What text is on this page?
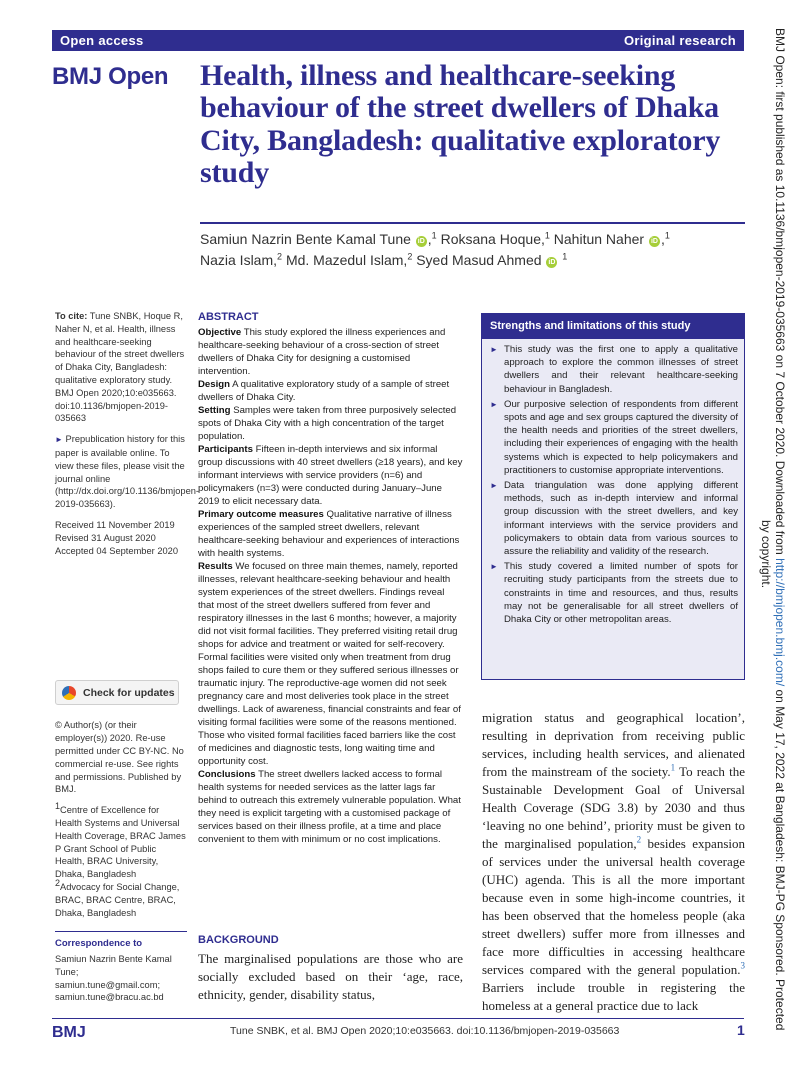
Open access	Original research
BMJ Open Health, illness and healthcare-seeking behaviour of the street dwellers of Dhaka City, Bangladesh: qualitative exploratory study
Samiun Nazrin Bente Kamal Tune iD ,$^1$ Roksana Hoque,$^1$ Nahitun Naher iD ,$^1$
Nazia Islam,$^2$ Md. Mazedul Islam,$^2$ Syed Masud Ahmed iD $^1$

To cite: Tune SNBK, Hoque R, Naher N, et al. Health, illness and healthcare-seeking behaviour of the street dwellers of Dhaka City, Bangladesh: qualitative exploratory study. BMJ Open 2020;10:e035663. doi:10.1136/bmjopen-2019-035663

► Prepublication history for this paper is available online. To view these files, please visit the journal online (http://dx.doi.org/10.1136/bmjopen-2019-035663).

Received 11 November 2019
Revised 31 August 2020
Accepted 04 September 2020
Check for updates

© Author(s) (or their employer(s)) 2020. Re-use permitted under CC BY-NC. No commercial re-use. See rights and permissions. Published by BMJ.

$^1$Centre of Excellence for Health Systems and Universal Health Coverage, BRAC James P Grant School of Public Health, BRAC University, Dhaka, Bangladesh
$^2$Advocacy for Social Change, BRAC, BRAC Centre, BRAC, Dhaka, Bangladesh

Correspondence to
Samiun Nazrin Bente Kamal Tune;
samiun.tune@gmail.com;
samiun.tune@bracu.ac.bd
ABSTRACT
Objective This study explored the illness experiences and healthcare-seeking behaviour of a cross-section of street dwellers of Dhaka City for designing a customised intervention.
Design A qualitative exploratory study of a sample of street dwellers of Dhaka City.
Setting Samples were taken from three purposively selected spots of Dhaka City with a high concentration of the target population.
Participants Fifteen in-depth interviews and six informal group discussions with 40 street dwellers (≥18 years), and key informant interviews with service providers (n=6) and policymakers (n=3) were conducted during January–June 2019 to elicit necessary data.
Primary outcome measures Qualitative narrative of illness experiences of the sampled street dwellers, relevant healthcare-seeking behaviour and experiences of interactions with health systems.
Results We focused on three main themes, namely, reported illnesses, relevant healthcare-seeking behaviour and health system experiences of the street dwellers. Findings reveal that most of the street dwellers suffered from fever and respiratory illnesses in the last 6 months; however, a majority did not visit formal facilities. They preferred visiting retail drug shops for advice and treatment or waited for self-recovery. Formal facilities were visited only when treatment from drug shops failed to cure them or they suffered serious illnesses or traumatic injury. The reproductive-age women did not seek pregnancy care and most deliveries took place in the street dwellings. Lack of awareness, financial constraints and fear of visiting formal facilities were some of the reasons mentioned. Those who visited formal facilities faced barriers like the cost of medicines and diagnostic tests, long waiting time and opportunity cost.
Conclusions The street dwellers lacked access to formal health systems for needed services as the latter lags far behind to outreach this extremely vulnerable population. What they need is explicit targeting with a customised package of services based on their illness profile, at a time and place convenient to them with minimum or no cost implications.
BACKGROUND
The marginalised populations are those who are socially excluded based on their ‘age, race, ethnicity, gender, disability status,
Strengths and limitations of this study
► This study was the first one to apply a qualitative approach to explore the common illnesses of street dwellers and their relevant healthcare-seeking behaviour in Bangladesh.
► Our purposive selection of respondents from different spots and age and sex groups captured the diversity of the health needs and priorities of the street dwellers, including their experiences of engaging with the health systems which is expected to help policymakers and practitioners to customise appropriate interventions.
► Data triangulation was done applying different methods, such as in-depth interview and informal group discussion with the street dwellers, and key informant interviews with the service providers and policymakers to obtain data from various sources to assure the reliability and validity of the research.
► This study covered a limited number of spots for recruiting study participants from the streets due to constraints in time and resources, and thus, results may not be generalisable for all street dwellers of Dhaka City or other metropolitan areas.
migration status and geographical location’, resulting in deprivation from receiving public services, including health services, and alienated from the mainstream of the society.$^1$ To reach the Sustainable Development Goal of Universal Health Coverage (SDG 3.8) by 2030 and thus ‘leaving no one behind’, priority must be given to the marginalised population,$^2$ besides expansion of services under the universal health coverage (UHC) agenda. This is all the more important because even in some high-income countries, it has been observed that the homeless people (aka street dwellers) suffer more from illnesses and face more difficulties in accessing healthcare services compared with the general population.$^3$ Barriers include trouble in registering the homeless at a general practice due to lack
BMJ Open: first published as 10.1136/bmjopen-2019-035663 on 7 October 2020. Downloaded from http://bmjopen.bmj.com/ on May 17, 2022 at Bangladesh: BMJ-PG Sponsored. Protected
by copyright.
BMJ	Tune SNBK, et al. BMJ Open 2020;10:e035663. doi:10.1136/bmjopen-2019-035663	1
